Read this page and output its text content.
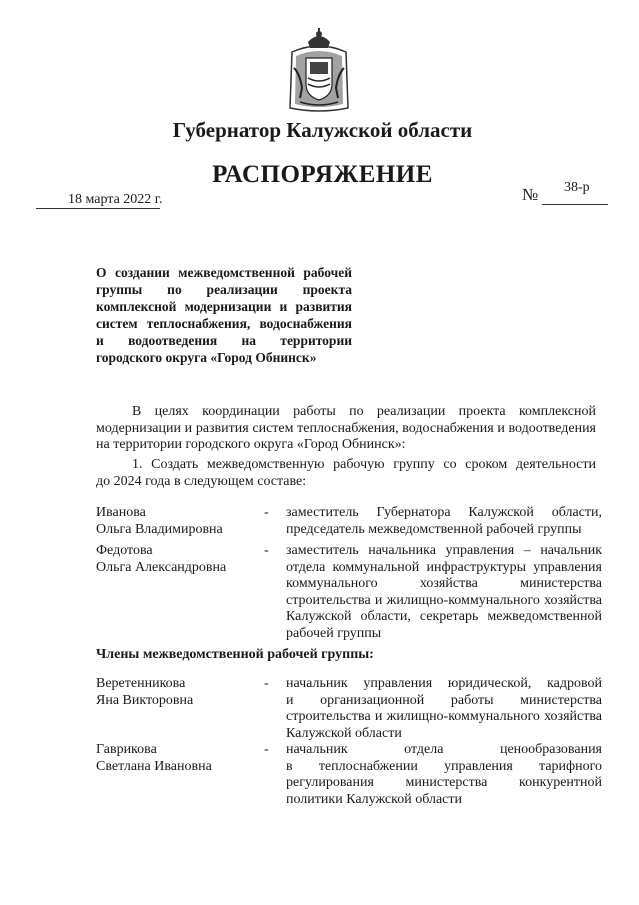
Губернатор Калужской области
РАСПОРЯЖЕНИЕ
18 марта 2022 г.	№ 38-р
О создании межведомственной рабочей
группы по реализации проекта
комплексной модернизации и развития
систем теплоснабжения, водоснабжения
и водоотведения на территории
городского округа «Город Обнинск»
В целях координации работы по реализации проекта комплексной
модернизации и развития систем теплоснабжения, водоснабжения и водоотведения
на территории городского округа «Город Обнинск»:
1. Создать межведомственную рабочую группу со сроком деятельности
до 2024 года в следующем составе:
Иванова
Ольга Владимировна
- заместитель Губернатора Калужской области,
председатель межведомственной рабочей группы
Федотова
Ольга Александровна
- заместитель начальника управления – начальник
отдела коммунальной инфраструктуры управления
коммунального хозяйства министерства
строительства и жилищно-коммунального хозяйства
Калужской области, секретарь межведомственной
рабочей группы
Члены межведомственной рабочей группы:
Веретенникова
Яна Викторовна
- начальник управления юридической, кадровой
и организационной работы министерства
строительства и жилищно-коммунального хозяйства
Калужской области
Гаврикова
Светлана Ивановна
- начальник отдела ценообразования
в теплоснабжении управления тарифного
регулирования министерства конкурентной
политики Калужской области
